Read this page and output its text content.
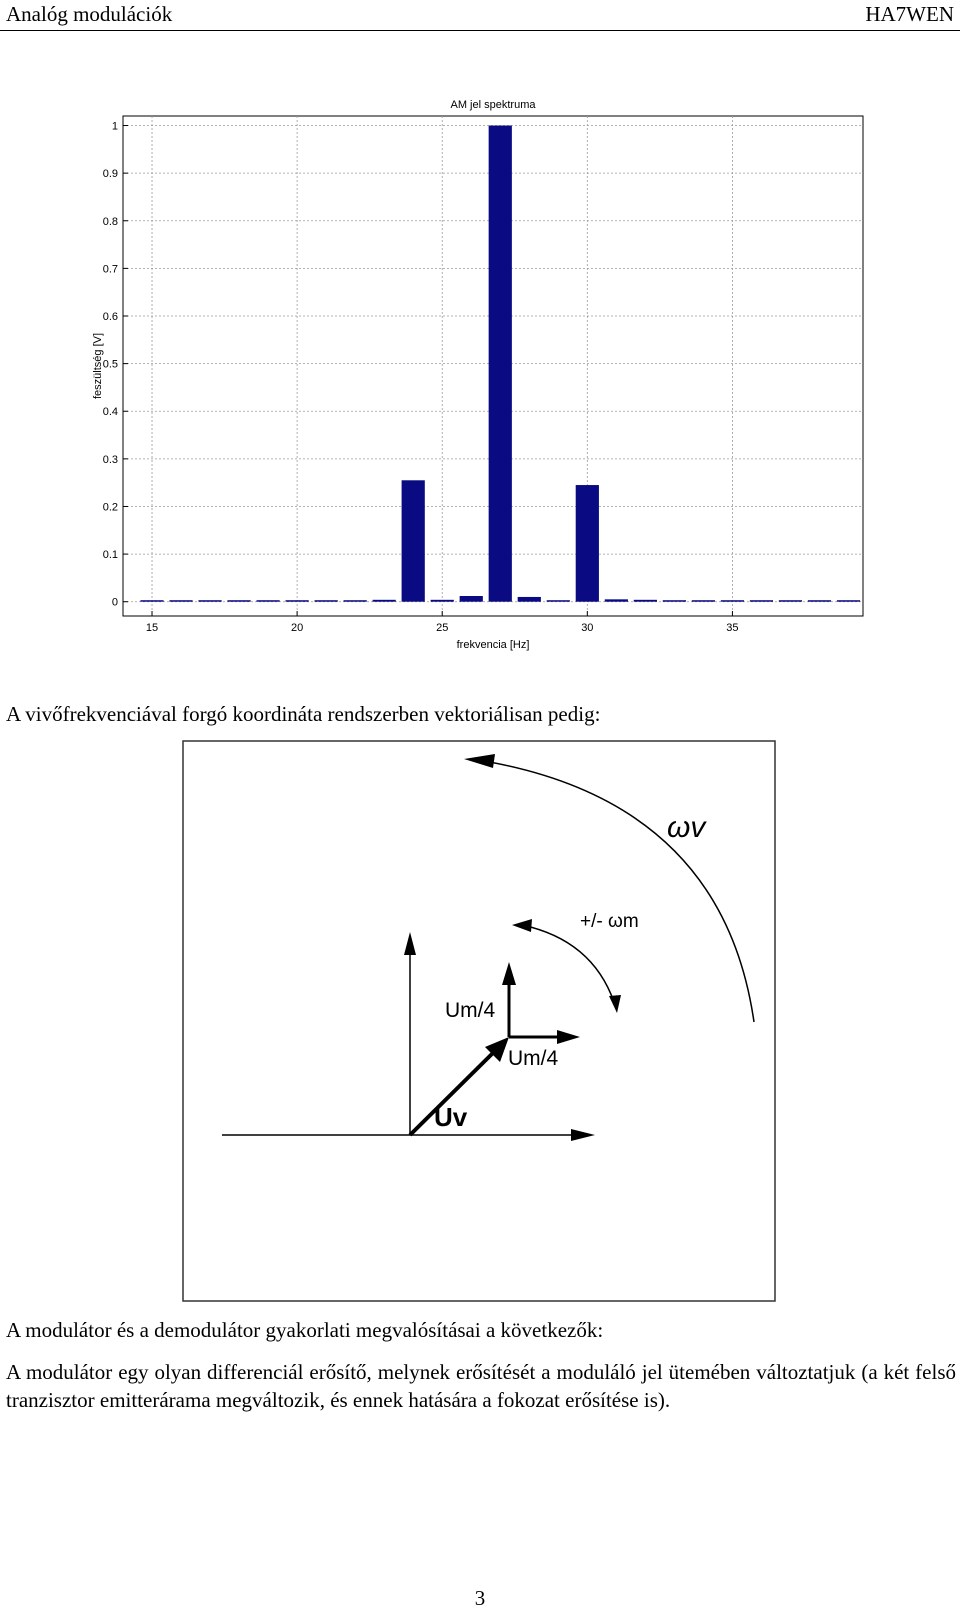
Analóg modulációk	HA7WEN
15	20	25	30	35
0
0.1
0.2
0.3
0.4
0.5
0.6
0.7
0.8
0.9
1
AM jel spektruma
frekvencia [Hz]
feszültség [V]

A vivőfrekvenciával forgó koordináta rendszerben vektoriálisan pedig:

ωv
+/- ωm
Um/4
Um/4
Uv

A modulátor és a demodulátor gyakorlati megvalósításai a következők:

A modulátor egy olyan differenciál erősítő, melynek erősítését a moduláló jel ütemében változtatjuk (a két felső tranzisztor emitterárama megváltozik, és ennek hatására a fokozat erősítése is).

3
